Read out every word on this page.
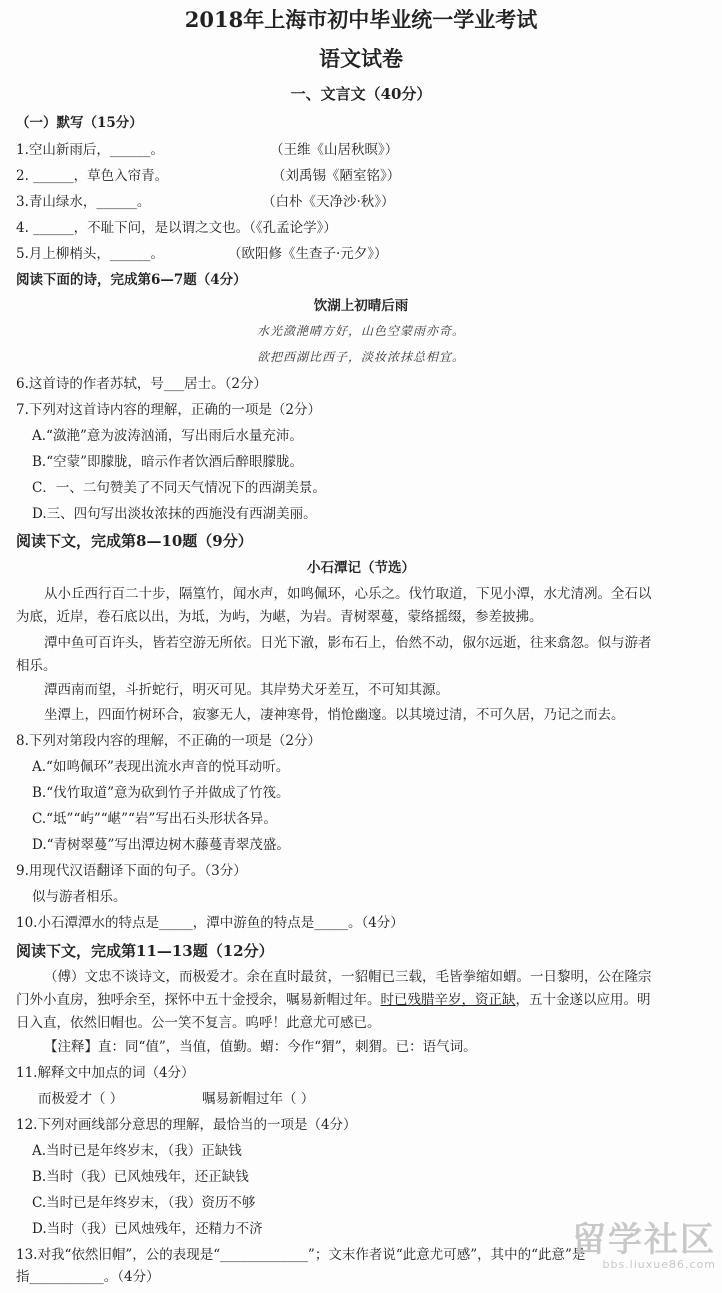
2018年上海市初中毕业统一学业考试
语文试卷
一、文言文（40分）
（一）默写（15分）
1.空山新雨后，______。	（王维《山居秋暝》）
2. ______，草色入帘青。	（刘禹锡《陋室铭》）
3.青山绿水，______。	（白朴《天净沙·秋》）
4. ______，不耻下问，是以谓之文也。（《孔孟论学》）
5.月上柳梢头，______。	（欧阳修《生查子·元夕》）
阅读下面的诗，完成第6—7题（4分）
饮湖上初晴后雨
水光潋滟晴方好，山色空蒙雨亦奇。
欲把西湖比西子，淡妆浓抹总相宜。
6.这首诗的作者苏轼，号___居士。（2分）
7.下列对这首诗内容的理解，正确的一项是（2分）
A.“潋滟”意为波涛汹涌，写出雨后水量充沛。
B.“空蒙”即朦胧，暗示作者饮酒后醉眼朦胧。
C．一、二句赞美了不同天气情况下的西湖美景。
D.三、四句写出淡妆浓抹的西施没有西湖美丽。
阅读下文，完成第8—10题（9分）
小石潭记（节选）
从小丘西行百二十步，隔篁竹，闻水声，如鸣佩环，心乐之。伐竹取道，下见小潭，水尤清冽。全石以
为底，近岸，卷石底以出，为坻，为屿，为嵁，为岩。青树翠蔓，蒙络摇缀，参差披拂。
潭中鱼可百许头，皆若空游无所依。日光下澈，影布石上，佁然不动，俶尔远逝，往来翕忽。似与游者
相乐。
潭西南而望，斗折蛇行，明灭可见。其岸势犬牙差互，不可知其源。
坐潭上，四面竹树环合，寂寥无人，凄神寒骨，悄怆幽邃。以其境过清，不可久居，乃记之而去。
8.下列对第段内容的理解，不正确的一项是（2分）
A.“如鸣佩环”表现出流水声音的悦耳动听。
B.“伐竹取道”意为砍到竹子并做成了竹筏。
C.“坻”“屿”“嵁”“岩”写出石头形状各异。
D.“青树翠蔓”写出潭边树木藤蔓青翠茂盛。
9.用现代汉语翻译下面的句子。（3分）
似与游者相乐。
10.小石潭潭水的特点是_____，潭中游鱼的特点是_____。（4分）
阅读下文，完成第11—13题（12分）
（傅）文忠不谈诗文，而极爱才。余在直时最贫，一貂帽已三载，毛皆拳缩如蝟。一日黎明，公在隆宗
门外小直房，独呼余至，探怀中五十金授余，嘱易新帽过年。时已残腊辛岁，资正缺，五十金遂以应用。明
日入直，依然旧帽也。公一笑不复言。呜呼！此意尤可感已。
【注释】直：同“值”，当值，值勤。蝟：今作“猬”，刺猬。已：语气词。
11.解释文中加点的词（4分）
而极爱才（ ）	嘱易新帽过年（ ）
12.下列对画线部分意思的理解，最恰当的一项是（4分）
A.当时已是年终岁末，（我）正缺钱
B.当时（我）已风烛残年，还正缺钱
C.当时已是年终岁末，（我）资历不够
D.当时（我）已风烛残年，还精力不济
13.对我“依然旧帽”，公的表现是“_____________”；文末作者说“此意尤可感”，其中的“此意”是
指___________。（4分）
留学社区
bbs.liuxue86.com
